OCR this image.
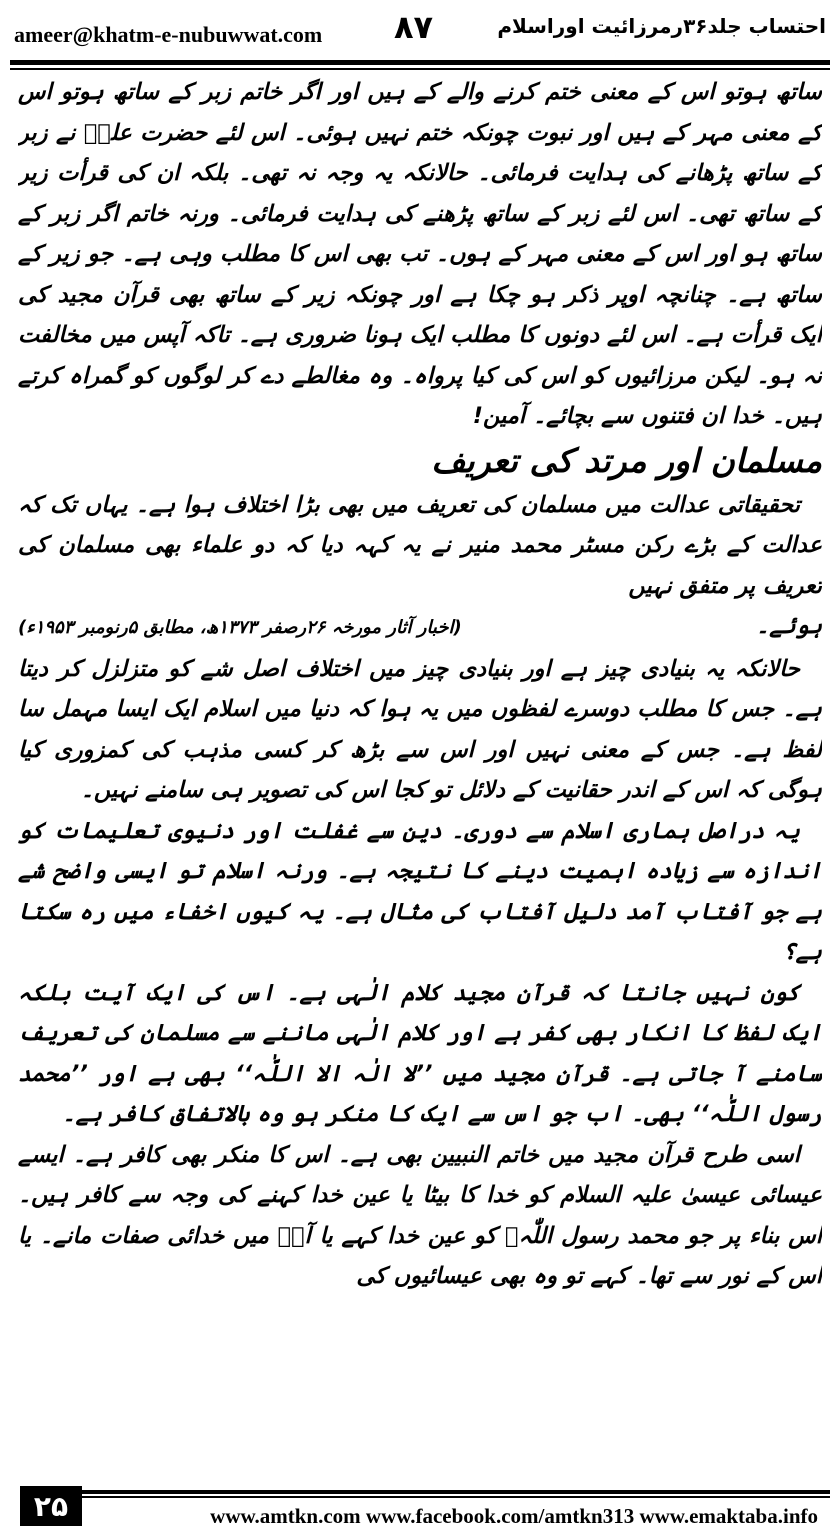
ameer@khatm-e-nubuwwat.com ۸۷	احتساب جلد۳۶رمرزائیت اوراسلام

ساتھ ہوتو اس کے معنی ختم کرنے والے کے ہیں اور اگر خاتم زبر کے ساتھ ہوتو اس کے معنی مہر کے ہیں اور نبوت چونکہ ختم نہیں ہوئی۔ اس لئے حضرت علیؓ نے زبر کے ساتھ پڑھانے کی ہدایت فرمائی۔ حالانکہ یہ وجہ نہ تھی۔ بلکہ ان کی قرأت زیر کے ساتھ تھی۔ اس لئے زبر کے ساتھ پڑھنے کی ہدایت فرمائی۔ ورنہ خاتم اگر زبر کے ساتھ ہو اور اس کے معنی مہر کے ہوں۔ تب بھی اس کا مطلب وہی ہے۔ جو زیر کے ساتھ ہے۔ چنانچہ اوپر ذکر ہو چکا ہے اور چونکہ زیر کے ساتھ بھی قرآن مجید کی ایک قرأت ہے۔ اس لئے دونوں کا مطلب ایک ہونا ضروری ہے۔ تاکہ آپس میں مخالفت نہ ہو۔ لیکن مرزائیوں کو اس کی کیا پرواہ۔ وہ مغالطے دے کر لوگوں کو گمراہ کرتے ہیں۔ خدا ان فتنوں سے بچائے۔ آمین!

مسلمان اور مرتد کی تعریف

تحقیقاتی عدالت میں مسلمان کی تعریف میں بھی بڑا اختلاف ہوا ہے۔ یہاں تک کہ عدالت کے بڑے رکن مسٹر محمد منیر نے یہ کہہ دیا کہ دو علماء بھی مسلمان کی تعریف پر متفق نہیں

ہوئے۔
(اخبار آثار مورخہ ۲۶رصفر ۱۳۷۳ھ، مطابق ۵رنومبر ۱۹۵۳ء)

حالانکہ یہ بنیادی چیز ہے اور بنیادی چیز میں اختلاف اصل شے کو متزلزل کر دیتا ہے۔ جس کا مطلب دوسرے لفظوں میں یہ ہوا کہ دنیا میں اسلام ایک ایسا مہمل سا لفظ ہے۔ جس کے معنی نہیں اور اس سے بڑھ کر کسی مذہب کی کمزوری کیا ہوگی کہ اس کے اندر حقانیت کے دلائل تو کجا اس کی تصویر ہی سامنے نہیں۔

یہ دراصل ہماری اسلام سے دوری۔ دین سے غفلت اور دنیوی تعلیمات کو اندازہ سے زیادہ اہمیت دینے کا نتیجہ ہے۔ ورنہ اسلام تو ایسی واضح شے ہے جو آفتاب آمد دلیل آفتاب کی مثال ہے۔ یہ کیوں اخفاء میں رہ سکتا ہے؟

کون نہیں جانتا کہ قرآن مجید کلام الٰہی ہے۔ اس کی ایک آیت بلکہ ایک لفظ کا انکار بھی کفر ہے اور کلام الٰہی ماننے سے مسلمان کی تعریف سامنے آ جاتی ہے۔ قرآن مجید میں ’’لا الٰہ الا اللّٰہ‘‘ بھی ہے اور ’’محمد رسول اللّٰہ‘‘ بھی۔ اب جو اس سے ایک کا منکر ہو وہ بالاتفاق کافر ہے۔

اسی طرح قرآن مجید میں خاتم النبیین بھی ہے۔ اس کا منکر بھی کافر ہے۔ ایسے عیسائی عیسیٰ علیہ السلام کو خدا کا بیٹا یا عین خدا کہنے کی وجہ سے کافر ہیں۔ اس بناء پر جو محمد رسول اللّٰہﷺ کو عین خدا کہے یا آپؐ میں خدائی صفات مانے۔ یا اس کے نور سے تھا۔ کہے تو وہ بھی عیسائیوں کی

۲۵	www.amtkn.com www.facebook.com/amtkn313 www.emaktaba.info
